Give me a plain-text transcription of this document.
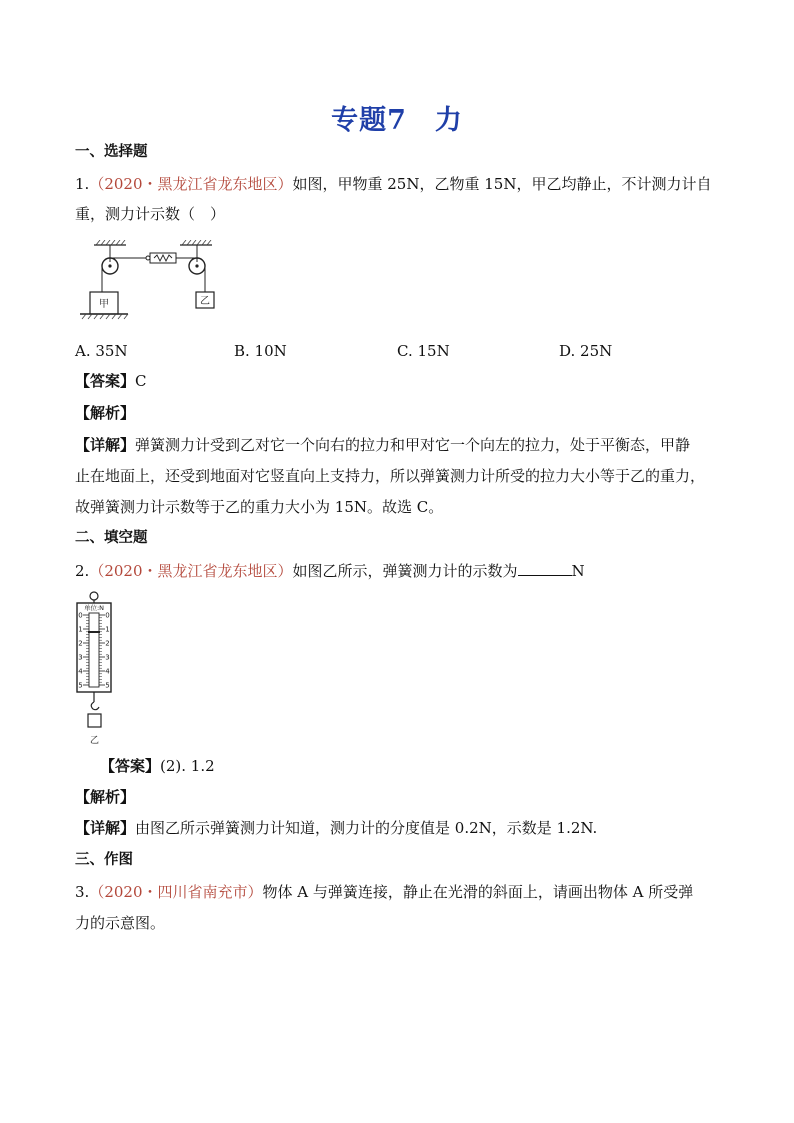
专题7　力
一、选择题
1.（2020・黑龙江省龙东地区）如图，甲物重 25N，乙物重 15N，甲乙均静止，不计测力计自
重，测力计示数（　）
甲	乙
A. 35N	B. 10N	C. 15N	D. 25N
【答案】C
【解析】
【详解】弹簧测力计受到乙对它一个向右的拉力和甲对它一个向左的拉力，处于平衡态，甲静
止在地面上，还受到地面对它竖直向上支持力，所以弹簧测力计所受的拉力大小等于乙的重力，
故弹簧测力计示数等于乙的重力大小为 15N。故选 C。
二、填空题
2.（2020・黑龙江省龙东地区）如图乙所示，弹簧测力计的示数为	N
单位:N
0
1
2
3
4
5
0
1
2
3
4
5
乙
【答案】(2). 1.2
【解析】
【详解】由图乙所示弹簧测力计知道，测力计的分度值是 0.2N，示数是 1.2N.
三、作图
3.（2020・四川省南充市）物体 A 与弹簧连接，静止在光滑的斜面上，请画出物体 A 所受弹
力的示意图。
